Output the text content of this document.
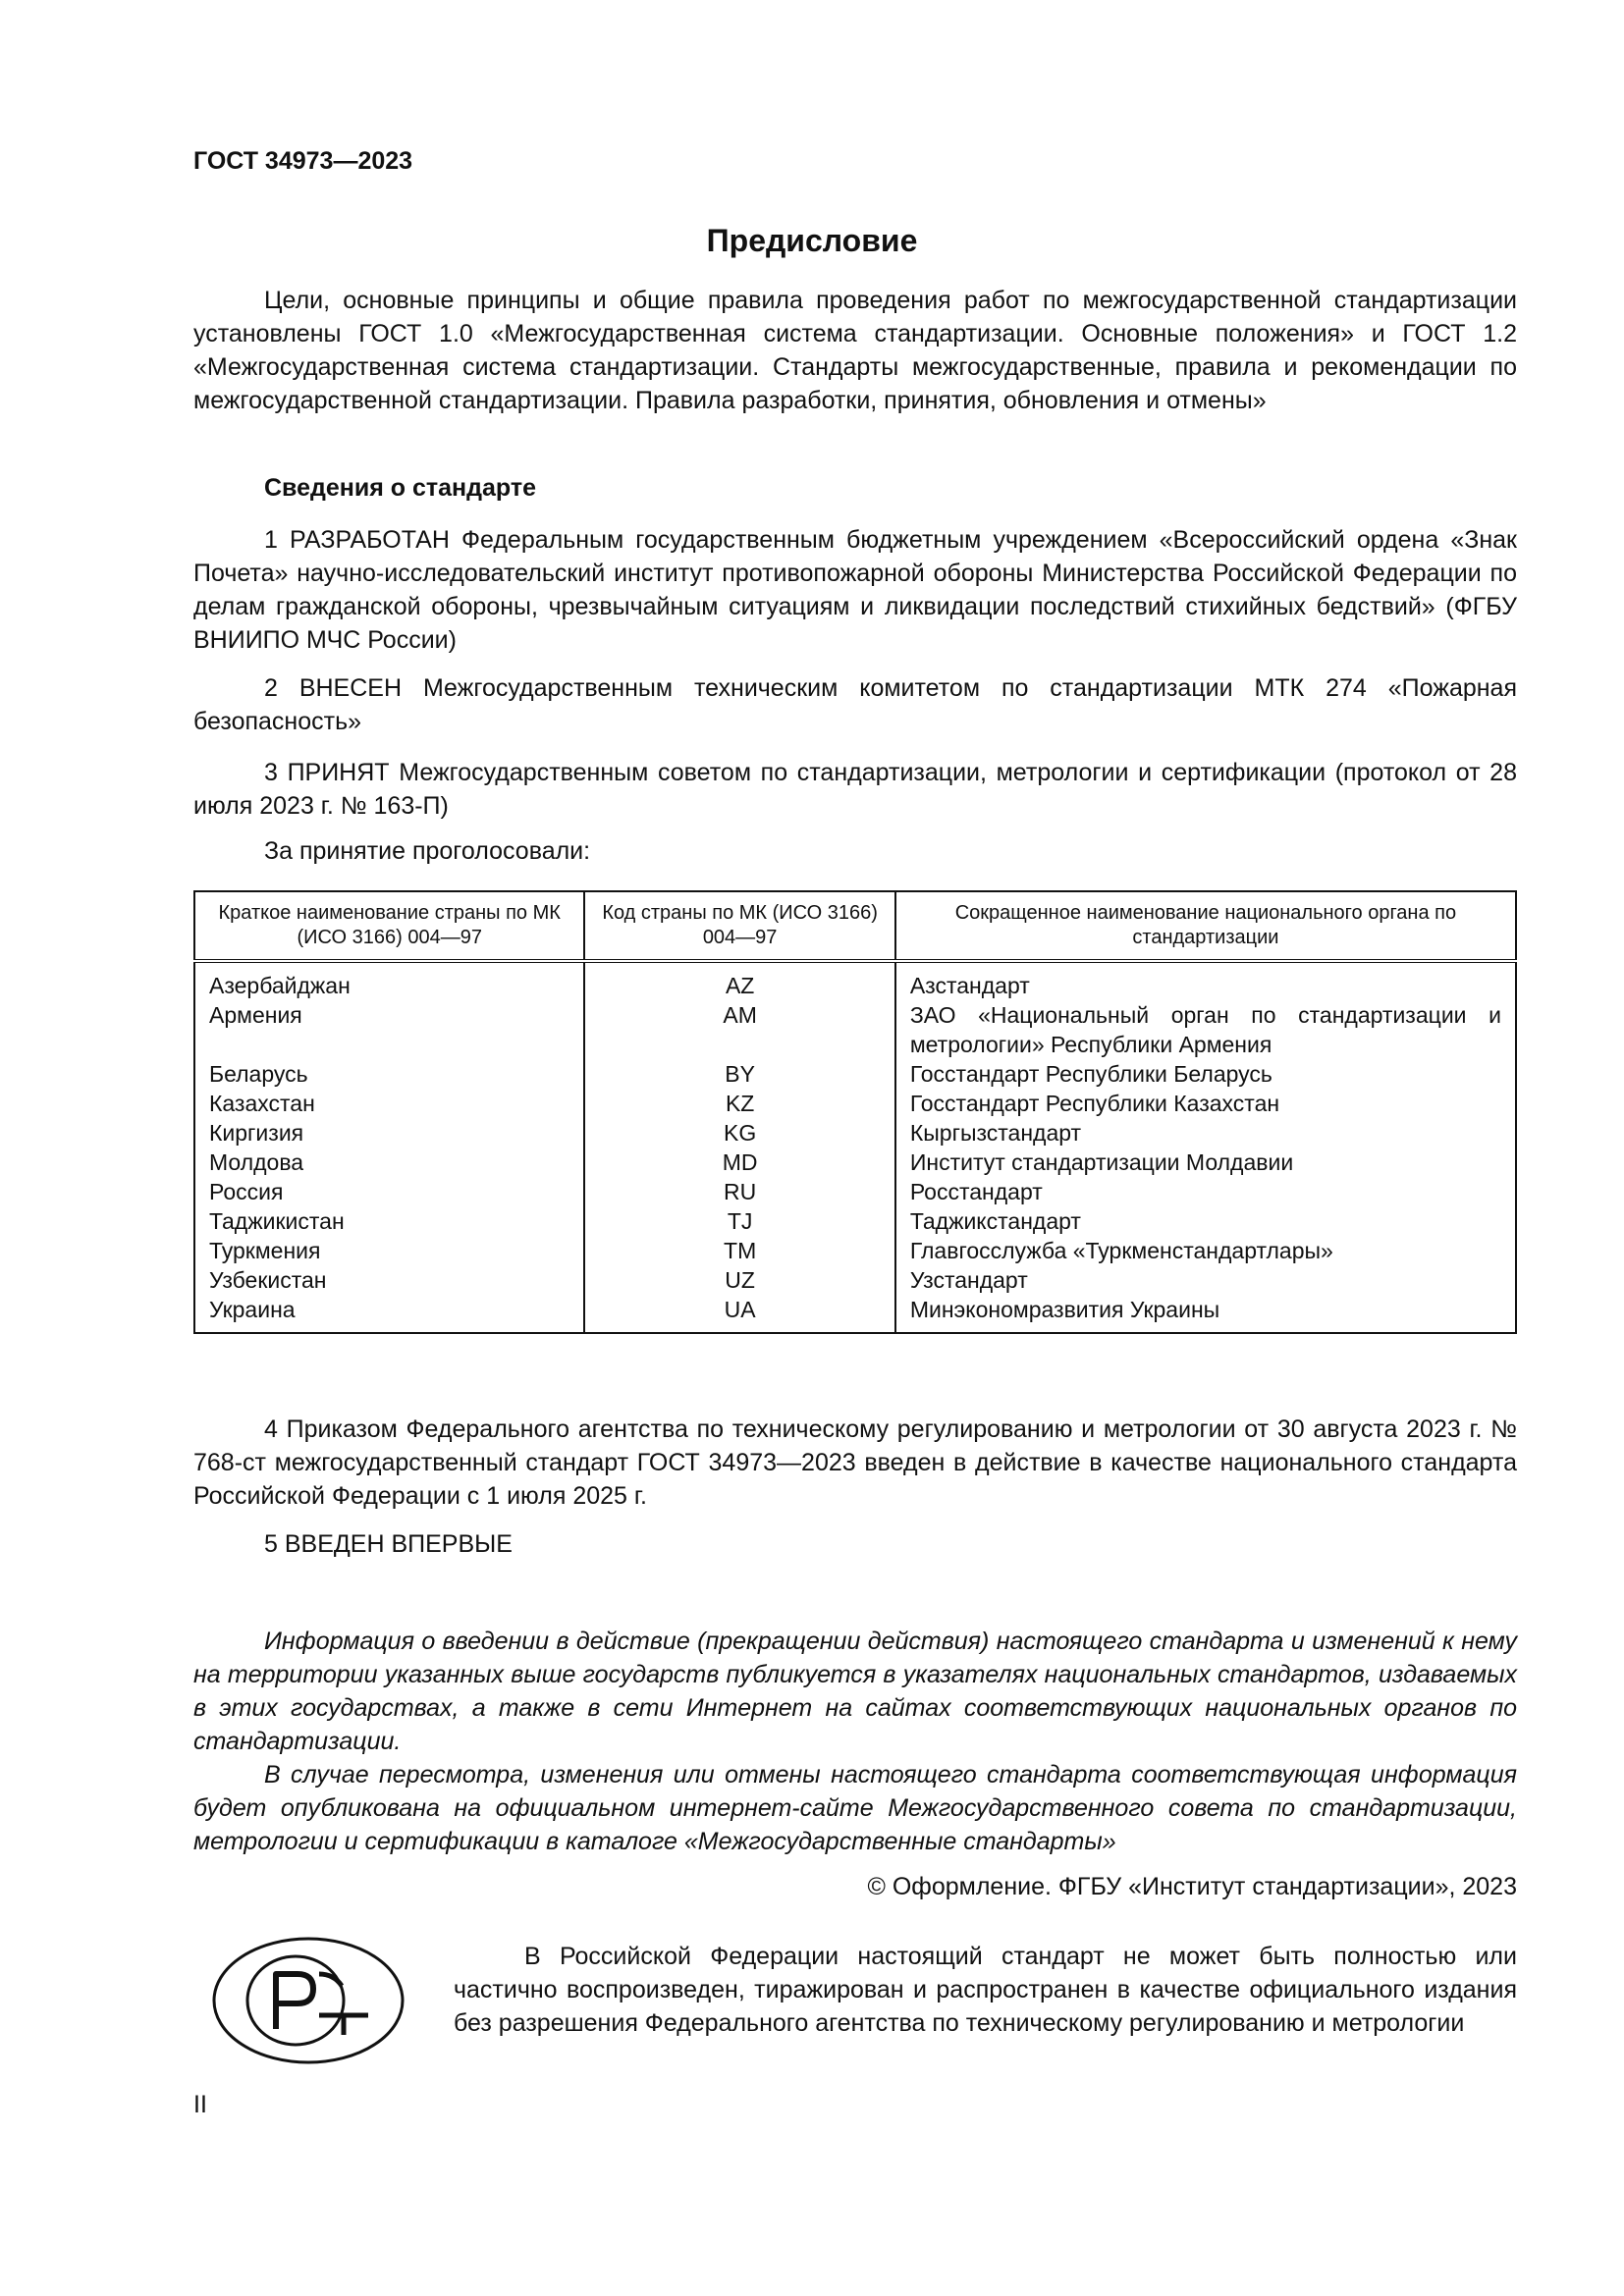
ГОСТ 34973—2023
Предисловие
Цели, основные принципы и общие правила проведения работ по межгосударственной стандартизации установлены ГОСТ 1.0 «Межгосударственная система стандартизации. Основные положения» и ГОСТ 1.2 «Межгосударственная система стандартизации. Стандарты межгосударственные, правила и рекомендации по межгосударственной стандартизации. Правила разработки, принятия, обновления и отмены»
Сведения о стандарте
1 РАЗРАБОТАН Федеральным государственным бюджетным учреждением «Всероссийский ордена «Знак Почета» научно-исследовательский институт противопожарной обороны Министерства Российской Федерации по делам гражданской обороны, чрезвычайным ситуациям и ликвидации последствий стихийных бедствий» (ФГБУ ВНИИПО МЧС России)
2 ВНЕСЕН Межгосударственным техническим комитетом по стандартизации МТК 274 «Пожарная безопасность»
3 ПРИНЯТ Межгосударственным советом по стандартизации, метрологии и сертификации (протокол от 28 июля 2023 г. № 163-П)
За принятие проголосовали:
Краткое наименование страны по МК (ИСО 3166) 004—97	Код страны по МК (ИСО 3166) 004—97	Сокращенное наименование национального органа по стандартизации
Азербайджан	AZ	Азстандарт
Армения	AM	ЗАО «Национальный орган по стандартизации и метрологии» Республики Армения
Беларусь	BY	Госстандарт Республики Беларусь
Казахстан	KZ	Госстандарт Республики Казахстан
Киргизия	KG	Кыргызстандарт
Молдова	MD	Институт стандартизации Молдавии
Россия	RU	Росстандарт
Таджикистан	TJ	Таджикстандарт
Туркмения	TM	Главгосслужба «Туркменстандартлары»
Узбекистан	UZ	Узстандарт
Украина	UA	Минэкономразвития Украины
4 Приказом Федерального агентства по техническому регулированию и метрологии от 30 августа 2023 г. № 768-ст межгосударственный стандарт ГОСТ 34973—2023 введен в действие в качестве национального стандарта Российской Федерации с 1 июля 2025 г.
5 ВВЕДЕН ВПЕРВЫЕ
Информация о введении в действие (прекращении действия) настоящего стандарта и изменений к нему на территории указанных выше государств публикуется в указателях национальных стандартов, издаваемых в этих государствах, а также в сети Интернет на сайтах соответствующих национальных органов по стандартизации.
В случае пересмотра, изменения или отмены настоящего стандарта соответствующая информация будет опубликована на официальном интернет-сайте Межгосударственного совета по стандартизации, метрологии и сертификации в каталоге «Межгосударственные стандарты»
© Оформление. ФГБУ «Институт стандартизации», 2023
РСТ
В Российской Федерации настоящий стандарт не может быть полностью или частично воспроизведен, тиражирован и распространен в качестве официального издания без разрешения Федерального агентства по техническому регулированию и метрологии
II
